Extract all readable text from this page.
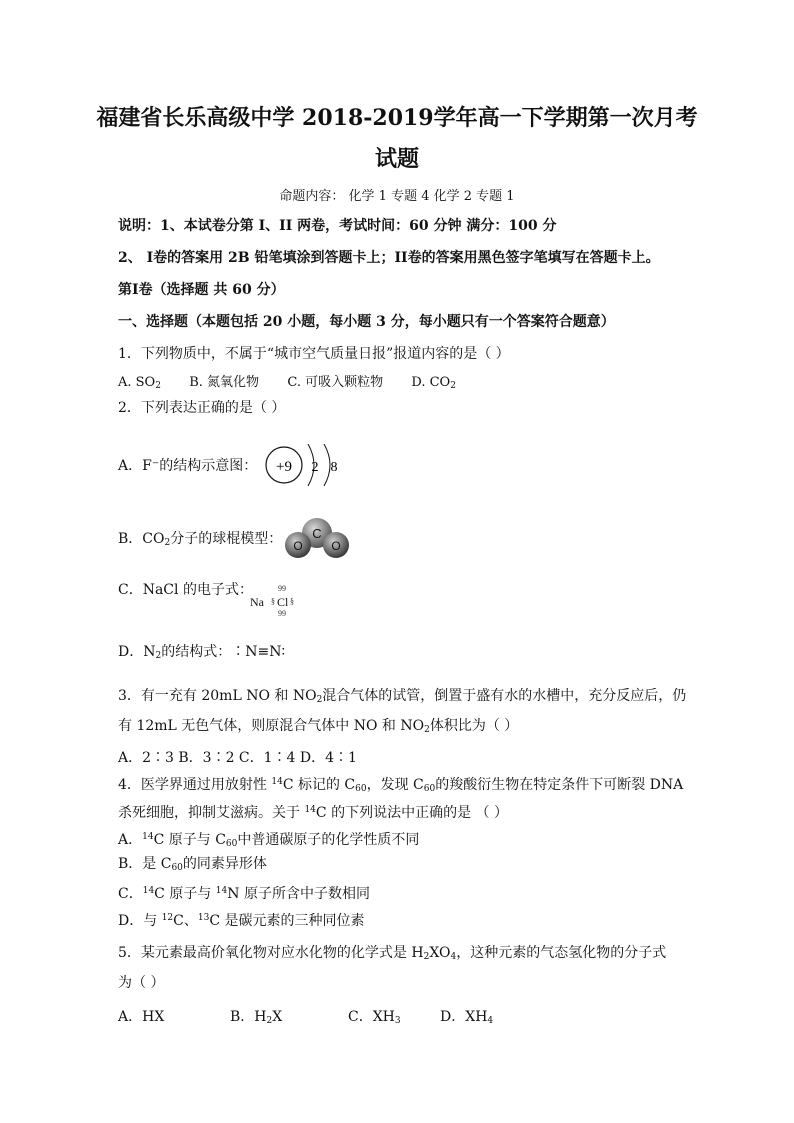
福建省长乐高级中学 2018-2019学年高一下学期第一次月考
试题
命题内容： 化学 1 专题 4 化学 2 专题 1
说明：1、本试卷分第 I、II 两卷，考试时间：60 分钟 满分：100 分
2、 Ⅰ卷的答案用 2B 铅笔填涂到答题卡上；II卷的答案用黑色签字笔填写在答题卡上。
第Ⅰ卷（选择题 共 60 分）
一、选择题（本题包括 20 小题，每小题 3 分，每小题只有一个答案符合题意）
1．下列物质中，不属于“城市空气质量日报”报道内容的是（ ）
A. $SO_2$ B. 氮氧化物 C. 可吸入颗粒物 D. $CO_2$
2．下列表达正确的是（ ）
A．F⁻的结构示意图： +9 2 8
B．$CO_2$分子的球棍模型： C
O O
C．NaCl 的电子式：	99
Na § Cl §
99
D．$N_2$的结构式：∶N≡N∶
3．有一充有 20mL NO 和 $NO_2$混合气体的试管，倒置于盛有水的水槽中，充分反应后，仍
有 12mL 无色气体，则原混合气体中 NO 和 $NO_2$体积比为（ ）
A．2∶3 B．3∶2 C．1∶4 D．4∶1
4．医学界通过用放射性 $^{14}$C 标记的 $C_{60}$，发现 $C_{60}$的羧酸衍生物在特定条件下可断裂 DNA
杀死细胞，抑制艾滋病。关于 $^{14}$C 的下列说法中正确的是 （ ）
A．$^{14}$C 原子与 $C_{60}$中普通碳原子的化学性质不同
B．是 $C_{60}$的同素异形体
C．$^{14}$C 原子与 $^{14}$N 原子所含中子数相同
D．与 $^{12}$C、$^{13}$C 是碳元素的三种同位素
5．某元素最高价氧化物对应水化物的化学式是 $H_2XO_4$，这种元素的气态氢化物的分子式
为（ ）
A．HX	B．$H_2X$	C．$XH_3$	D．$XH_4$
